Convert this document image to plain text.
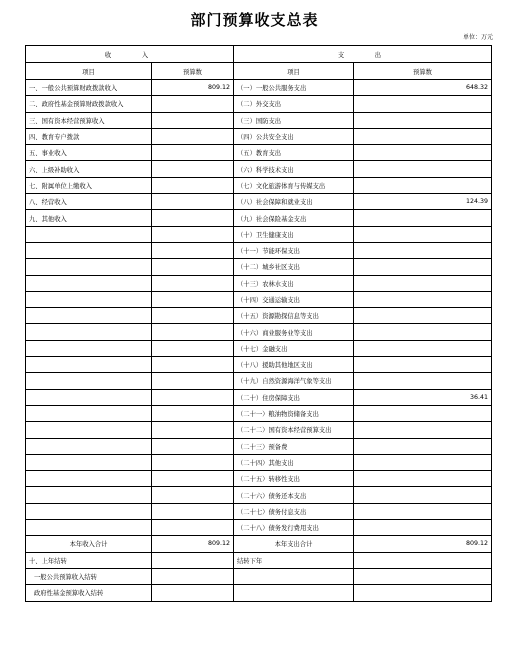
部门预算收支总表
单位：万元
收　　入		支　　出	
项目	预算数	项目	预算数
一、一般公共预算财政拨款收入	809.12	（一）一般公共服务支出	648.32
二、政府性基金预算财政拨款收入		（二）外交支出	
三、国有资本经营预算收入		（三）国防支出	
四、教育专户拨款		（四）公共安全支出	
五、事业收入		（五）教育支出	
六、上级补助收入		（六）科学技术支出	
七、附属单位上缴收入		（七）文化旅游体育与传媒支出	
八、经营收入		（八）社会保障和就业支出	124.39
九、其他收入		（九）社会保险基金支出	
		（十）卫生健康支出	
		（十一）节能环保支出	
		（十二）城乡社区支出	
		（十三）农林水支出	
		（十四）交通运输支出	
		（十五）资源勘探信息等支出	
		（十六）商业服务业等支出	
		（十七）金融支出	
		（十八）援助其他地区支出	
		（十九）自然资源海洋气象等支出	
		（二十）住房保障支出	36.41
		（二十一）粮油物资储备支出	
		（二十二）国有资本经营预算支出	
		（二十三）预备费	
		（二十四）其他支出	
		（二十五）转移性支出	
		（二十六）债务还本支出	
		（二十七）债务付息支出	
		（二十八）债务发行费用支出	
本年收入合计	809.12	本年支出合计	809.12
十、上年结转		结转下年	
一般公共预算收入结转			
政府性基金预算收入结转			
